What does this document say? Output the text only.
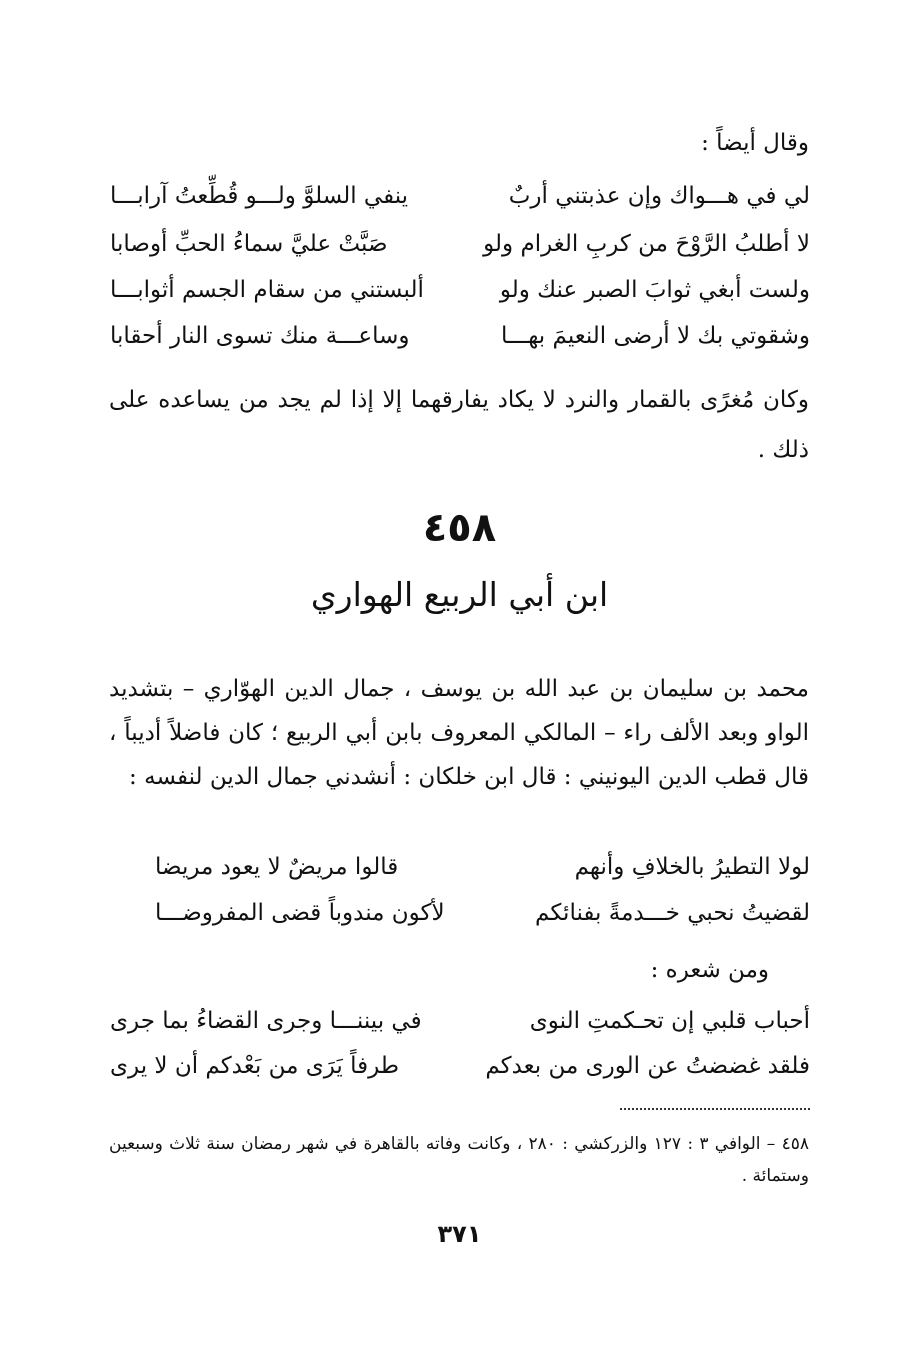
وقال أيضاً :
لي في هـــواك وإن عذبتني أربٌ
ينفي السلوَّ ولـــو قُطِّعتُ آرابـــا
لا أطلبُ الرَّوْحَ من كربِ الغرام ولو
صَبَّتْ عليَّ سماءُ الحبِّ أوصابا
ولست أبغي ثوابَ الصبر عنك ولو
ألبستني من سقام الجسم أثوابـــا
وشقوتي بك لا أرضى النعيمَ بهـــا
وساعـــة منك تسوى النار أحقابا
وكان مُغرًى بالقمار والنرد لا يكاد يفارقهما إلا إذا لم يجد من يساعده على ذلك .
٤٥٨
ابن أبي الربيع الهواري
محمد بن سليمان بن عبد الله بن يوسف ، جمال الدين الهوّاري – بتشديد الواو وبعد الألف راء – المالكي المعروف بابن أبي الربيع ؛ كان فاضلاً أديباً ، قال قطب الدين اليونيني : قال ابن خلكان : أنشدني جمال الدين لنفسه :
لولا التطيرُ بالخلافِ وأنهم
قالوا مريضٌ لا يعود مريضا
لقضيتُ نحبي خـــدمةً بفنائكم
لأكون مندوباً قضى المفروضـــا
ومن شعره :
أحباب قلبي إن تحـكمتِ النوى
في بيننـــا وجرى القضاءُ بما جرى
فلقد غضضتُ عن الورى من بعدكم
طرفاً يَرَى من بَعْدكم أن لا يرى
٤٥٨ – الوافي ٣ : ١٢٧ والزركشي : ٢٨٠ ، وكانت وفاته بالقاهرة في شهر رمضان سنة ثلاث وسبعين وستمائة .
٣٧١
